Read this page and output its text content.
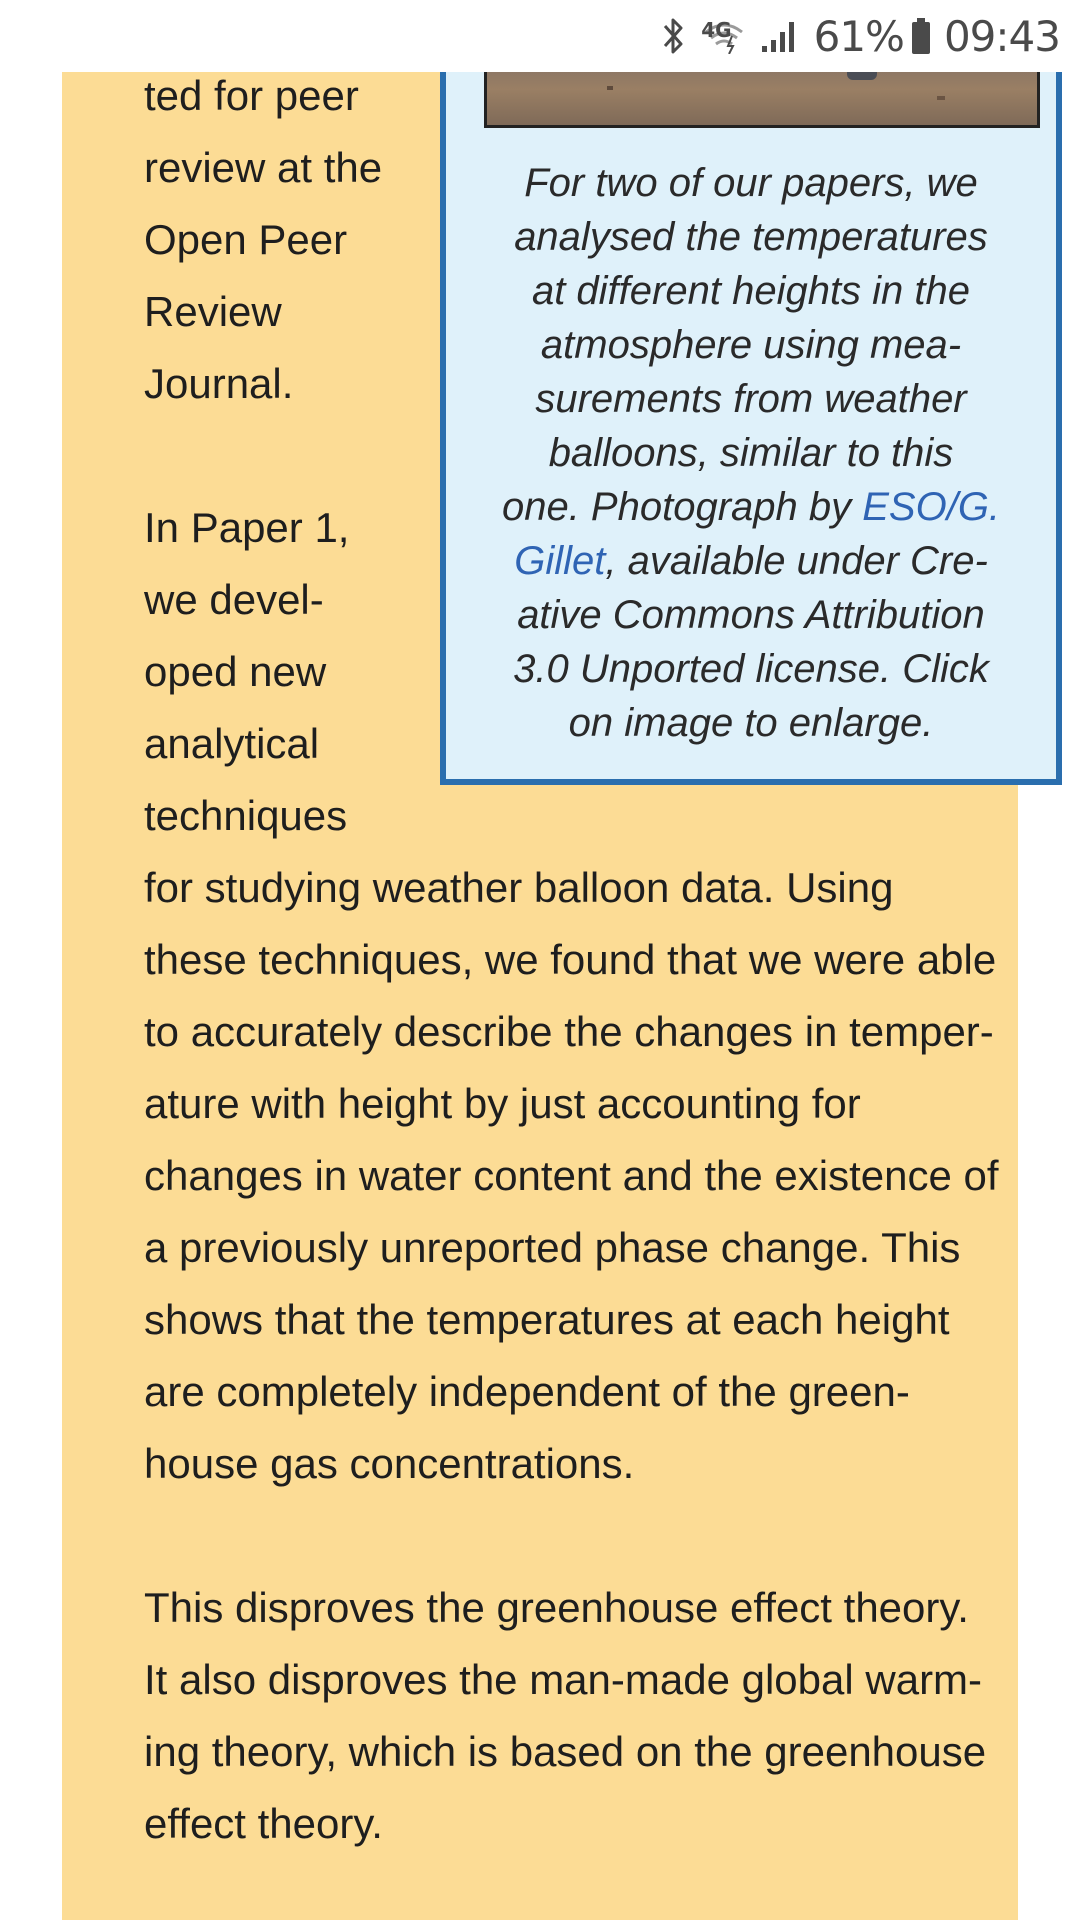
4G 61% 09:43
ted for peer
review at the
Open Peer
Review
Journal.
In Paper 1,
we devel-
oped new
analytical
techniques
for studying weather balloon data. Using
these techniques, we found that we were able
to accurately describe the changes in temper-
ature with height by just accounting for
changes in water content and the existence of
a previously unreported phase change. This
shows that the temperatures at each height
are completely independent of the green-
house gas concentrations.
This disproves the greenhouse effect theory.
It also disproves the man-made global warm-
ing theory, which is based on the greenhouse
effect theory.
For two of our papers, we
analysed the temperatures
at different heights in the
atmosphere using mea-
surements from weather
balloons, similar to this
one. Photograph by ESO/G.
Gillet, available under Cre-
ative Commons Attribution
3.0 Unported license. Click
on image to enlarge.
